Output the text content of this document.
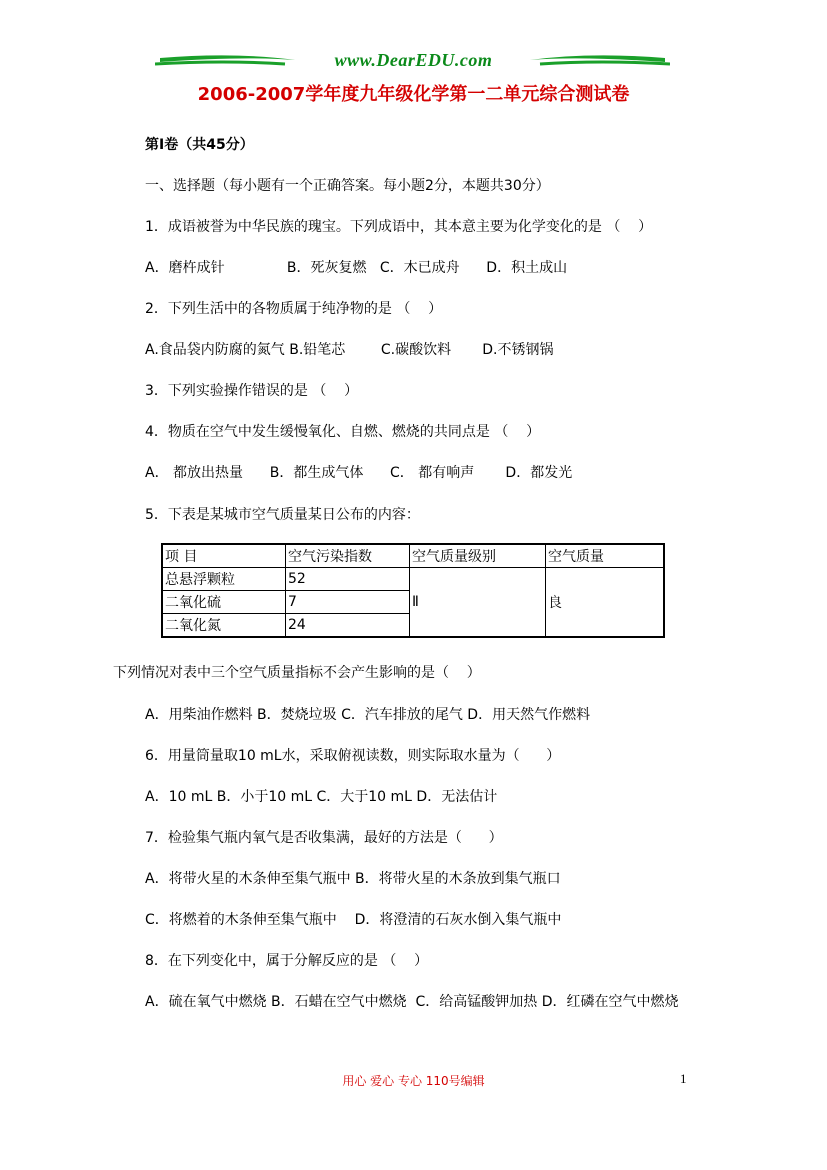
www.DearEDU.com
2006-2007学年度九年级化学第一二单元综合测试卷
第Ⅰ卷（共45分）
一、选择题（每小题有一个正确答案。每小题2分，本题共30分）
1．成语被誉为中华民族的瑰宝。下列成语中，其本意主要为化学变化的是 （    ）
A．磨杵成针              B．死灰复燃   C．木已成舟      D．积土成山
2．下列生活中的各物质属于纯净物的是 （    ）
A.食品袋内防腐的氮气 B.铅笔芯        C.碳酸饮料       D.不锈钢锅
3．下列实验操作错误的是 （    ）
4．物质在空气中发生缓慢氧化、自燃、燃烧的共同点是 （    ）
A． 都放出热量      B．都生成气体      C． 都有响声       D．都发光
5．下表是某城市空气质量某日公布的内容：
项 目	空气污染指数	空气质量级别	空气质量
总悬浮颗粒	52	Ⅱ	良
二氧化硫	7		
二氧化氮	24		
下列情况对表中三个空气质量指标不会产生影响的是（    ）
A．用柴油作燃料 B．焚烧垃圾 C．汽车排放的尾气 D．用天然气作燃料
6．用量筒量取10 mL水，采取俯视读数，则实际取水量为（      ）
A．10 mL B．小于10 mL C．大于10 mL D．无法估计
7．检验集气瓶内氧气是否收集满，最好的方法是（      ）
A．将带火星的木条伸至集气瓶中 B．将带火星的木条放到集气瓶口
C．将燃着的木条伸至集气瓶中    D．将澄清的石灰水倒入集气瓶中
8．在下列变化中，属于分解反应的是 （    ）
A．硫在氧气中燃烧 B．石蜡在空气中燃烧  C．给高锰酸钾加热 D．红磷在空气中燃烧
用心 爱心 专心 110号编辑	1
